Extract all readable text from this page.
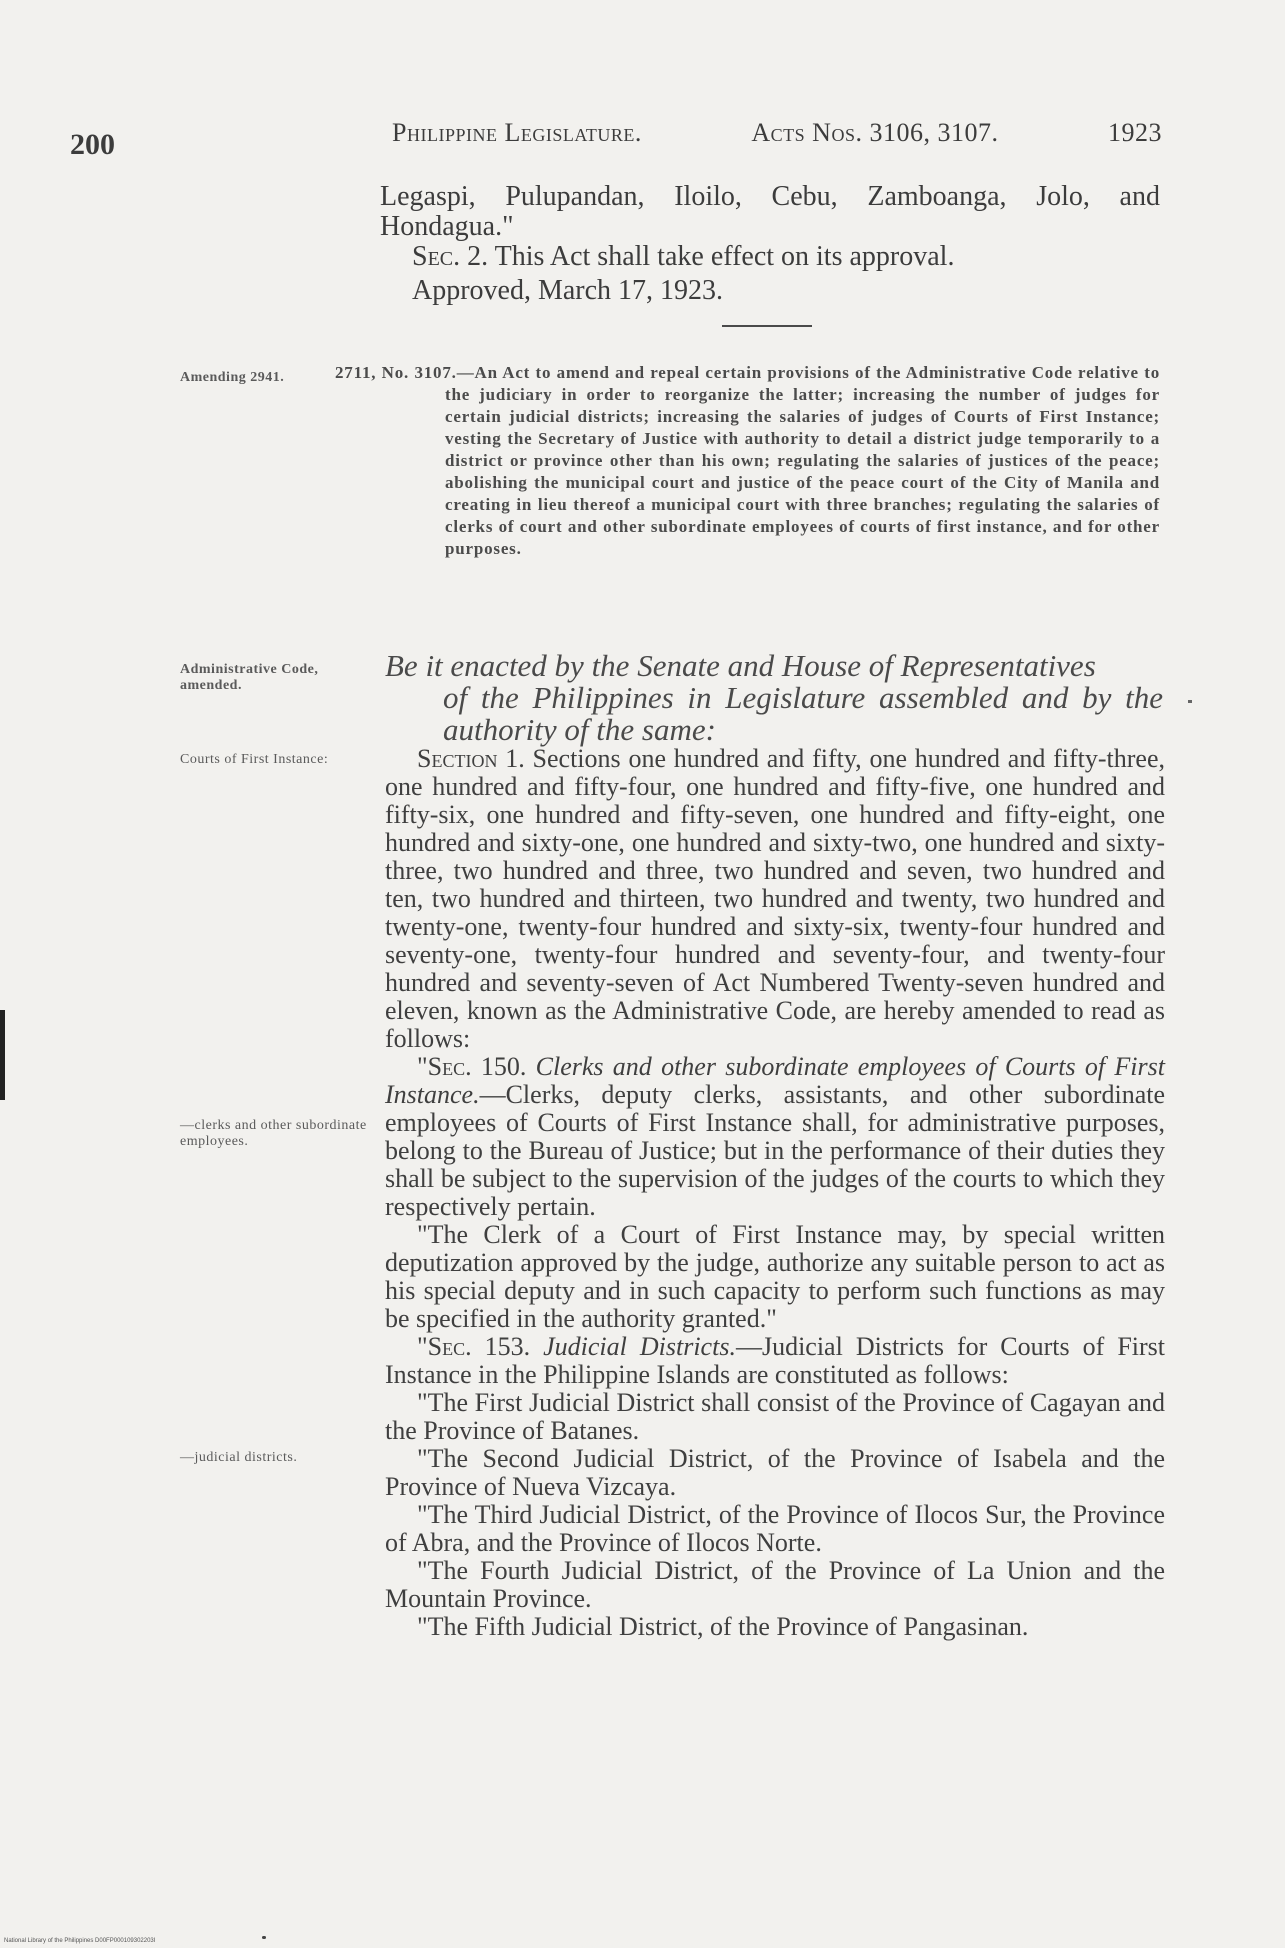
200	Philippine Legislature.	Acts Nos. 3106, 3107.	1923

Legaspi, Pulupandan, Iloilo, Cebu, Zamboanga, Jolo, and Hondagua."

Sec. 2. This Act shall take effect on its approval.

Approved, March 17, 1923.

Amending 2941.	2711, No. 3107.—An Act to amend and repeal certain provisions of the Administrative Code relative to the judiciary in order to reorganize the latter; increasing the number of judges for certain judicial districts; increasing the salaries of judges of Courts of First Instance; vesting the Secretary of Justice with authority to detail a district judge temporarily to a district or province other than his own; regulating the salaries of justices of the peace; abolishing the municipal court and justice of the peace court of the City of Manila and creating in lieu thereof a municipal court with three branches; regulating the salaries of clerks of court and other subordinate employees of courts of first instance, and for other purposes.
Administrative Code, amended.
Be it enacted by the Senate and House of Representatives
of the Philippines in Legislature assembled and by the authority of the same:
Courts of First Instance:
—clerks and other subordinate employees.
—judicial districts.

Section 1. Sections one hundred and fifty, one hundred and fifty-three, one hundred and fifty-four, one hundred and fifty-five, one hundred and fifty-six, one hundred and fifty-seven, one hundred and fifty-eight, one hundred and sixty-one, one hundred and sixty-two, one hundred and sixty-three, two hundred and three, two hundred and seven, two hundred and ten, two hundred and thirteen, two hundred and twenty, two hundred and twenty-one, twenty-four hundred and sixty-six, twenty-four hundred and seventy-one, twenty-four hundred and seventy-four, and twenty-four hundred and seventy-seven of Act Numbered Twenty-seven hundred and eleven, known as the Administrative Code, are hereby amended to read as follows:

"Sec. 150. Clerks and other subordinate employees of Courts of First Instance.—Clerks, deputy clerks, assistants, and other subordinate employees of Courts of First Instance shall, for administrative purposes, belong to the Bureau of Justice; but in the performance of their duties they shall be subject to the supervision of the judges of the courts to which they respectively pertain.

"The Clerk of a Court of First Instance may, by special written deputization approved by the judge, authorize any suitable person to act as his special deputy and in such capacity to perform such functions as may be specified in the authority granted."

"Sec. 153. Judicial Districts.—Judicial Districts for Courts of First Instance in the Philippine Islands are constituted as follows:

"The First Judicial District shall consist of the Province of Cagayan and the Province of Batanes.

"The Second Judicial District, of the Province of Isabela and the Province of Nueva Vizcaya.

"The Third Judicial District, of the Province of Ilocos Sur, the Province of Abra, and the Province of Ilocos Norte.

"The Fourth Judicial District, of the Province of La Union and the Mountain Province.

"The Fifth Judicial District, of the Province of Pangasinan.

National Library of the Philippines D00FP000109302203I
